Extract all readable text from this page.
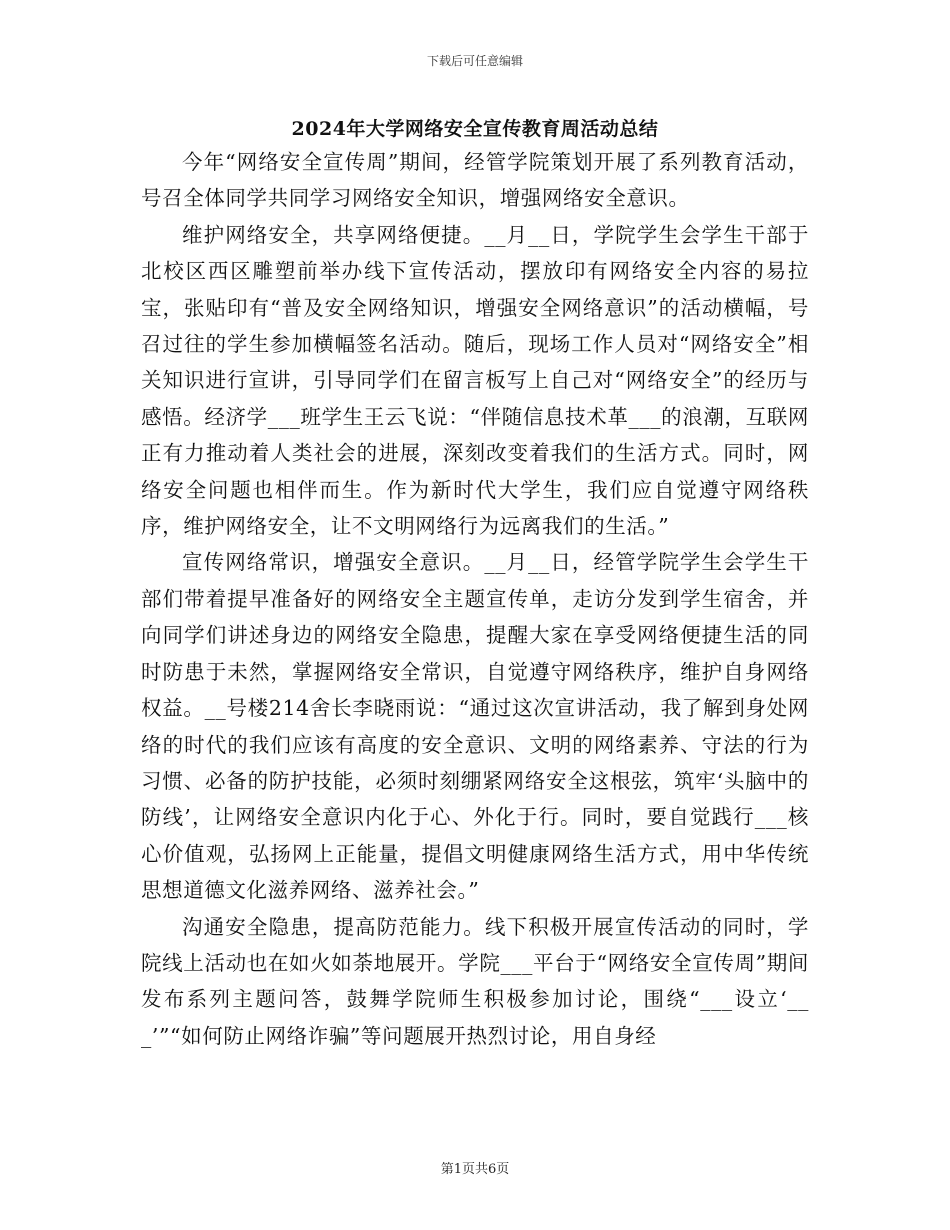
下载后可任意编辑
2024年大学网络安全宣传教育周活动总结

今年“网络安全宣传周”期间，经管学院策划开展了系列教育活动，号召全体同学共同学习网络安全知识，增强网络安全意识。

维护网络安全，共享网络便捷。__月__日，学院学生会学生干部于北校区西区雕塑前举办线下宣传活动，摆放印有网络安全内容的易拉宝，张贴印有“普及安全网络知识，增强安全网络意识”的活动横幅，号召过往的学生参加横幅签名活动。随后，现场工作人员对“网络安全”相关知识进行宣讲，引导同学们在留言板写上自己对“网络安全”的经历与感悟。经济学___班学生王云飞说：“伴随信息技术革___的浪潮，互联网正有力推动着人类社会的进展，深刻改变着我们的生活方式。同时，网络安全问题也相伴而生。作为新时代大学生，我们应自觉遵守网络秩序，维护网络安全，让不文明网络行为远离我们的生活。”

宣传网络常识，增强安全意识。__月__日，经管学院学生会学生干部们带着提早准备好的网络安全主题宣传单，走访分发到学生宿舍，并向同学们讲述身边的网络安全隐患，提醒大家在享受网络便捷生活的同时防患于未然，掌握网络安全常识，自觉遵守网络秩序，维护自身网络权益。__号楼214舍长李晓雨说：“通过这次宣讲活动，我了解到身处网络的时代的我们应该有高度的安全意识、文明的网络素养、守法的行为习惯、必备的防护技能，必须时刻绷紧网络安全这根弦，筑牢‘头脑中的防线’，让网络安全意识内化于心、外化于行。同时，要自觉践行___核心价值观，弘扬网上正能量，提倡文明健康网络生活方式，用中华传统思想道德文化滋养网络、滋养社会。”

沟通安全隐患，提高防范能力。线下积极开展宣传活动的同时，学院线上活动也在如火如荼地展开。学院___平台于“网络安全宣传周”期间发布系列主题问答，鼓舞学院师生积极参加讨论，围绕“___设立‘___’”“如何防止网络诈骗”等问题展开热烈讨论，用自身经

第1页共6页
